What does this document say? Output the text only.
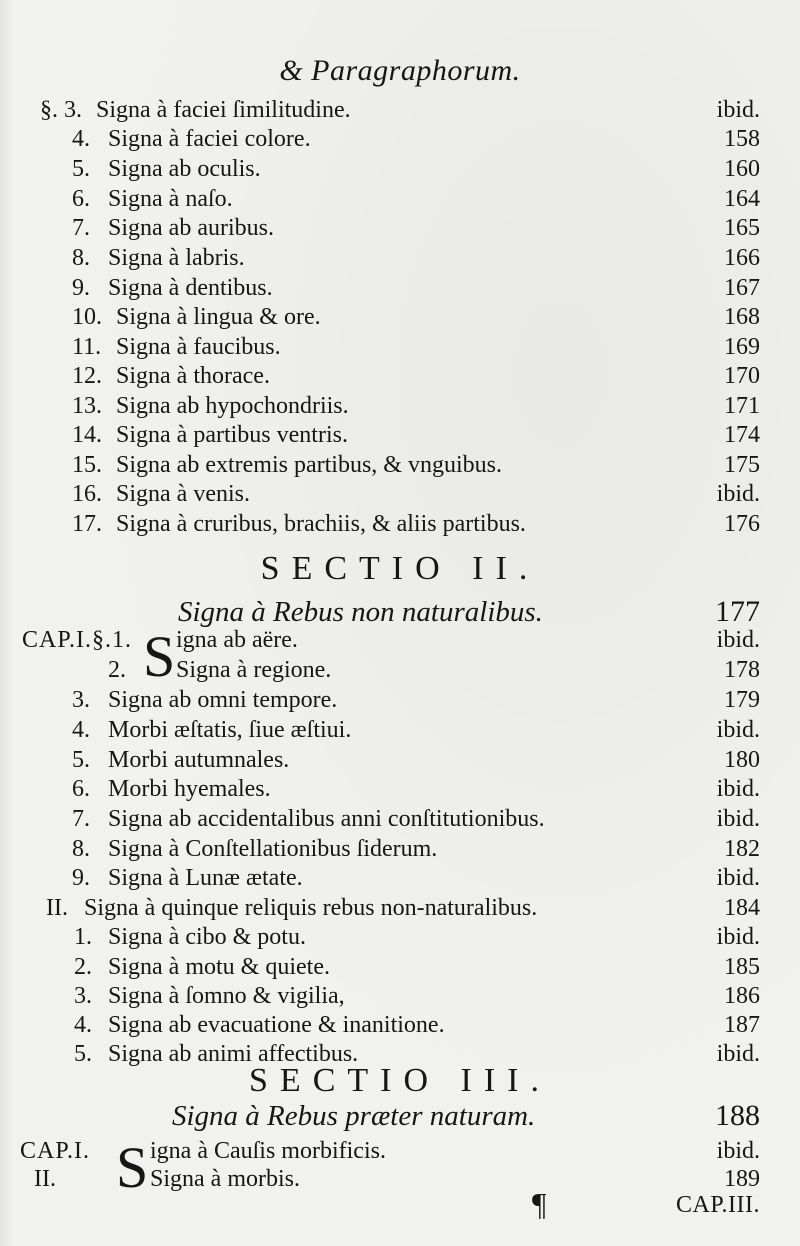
& Paragraphorum.
§. 3. Signa à faciei ſimilitudine.	ibid.
4. Signa à faciei colore.	158
5. Signa ab oculis.	160
6. Signa à naſo.	164
7. Signa ab auribus.	165
8. Signa à labris.	166
9. Signa à dentibus.	167
10. Signa à lingua & ore.	168
11. Signa à faucibus.	169
12. Signa à thorace.	170
13. Signa ab hypochondriis.	171
14. Signa à partibus ventris.	174
15. Signa ab extremis partibus, & vnguibus.	175
16. Signa à venis.	ibid.
17. Signa à cruribus, brachiis, & aliis partibus.	176
SECTIO II.
Signa à Rebus non naturalibus.	177
CAP.I.§.1. igna ab aëre.	ibid.
S
2. Signa à regione.	178
3. Signa ab omni tempore.	179
4. Morbi æſtatis, ſiue æſtiui.	ibid.
5. Morbi autumnales.	180
6. Morbi hyemales.	ibid.
7. Signa ab accidentalibus anni conſtitutionibus.	ibid.
8. Signa à Conſtellationibus ſiderum.	182
9. Signa à Lunæ ætate.	ibid.
II. Signa à quinque reliquis rebus non-naturalibus.	184
1. Signa à cibo & potu.	ibid.
2. Signa à motu & quiete.	185
3. Signa à ſomno & vigilia,	186
4. Signa ab evacuatione & inanitione.	187
5. Signa ab animi affectibus.	ibid.
SECTIO III.
Signa à Rebus præter naturam.	188
CAP.I. igna à Cauſis morbificis.	ibid.
S
II.	Signa à morbis.	189
¶	CAP.III.
